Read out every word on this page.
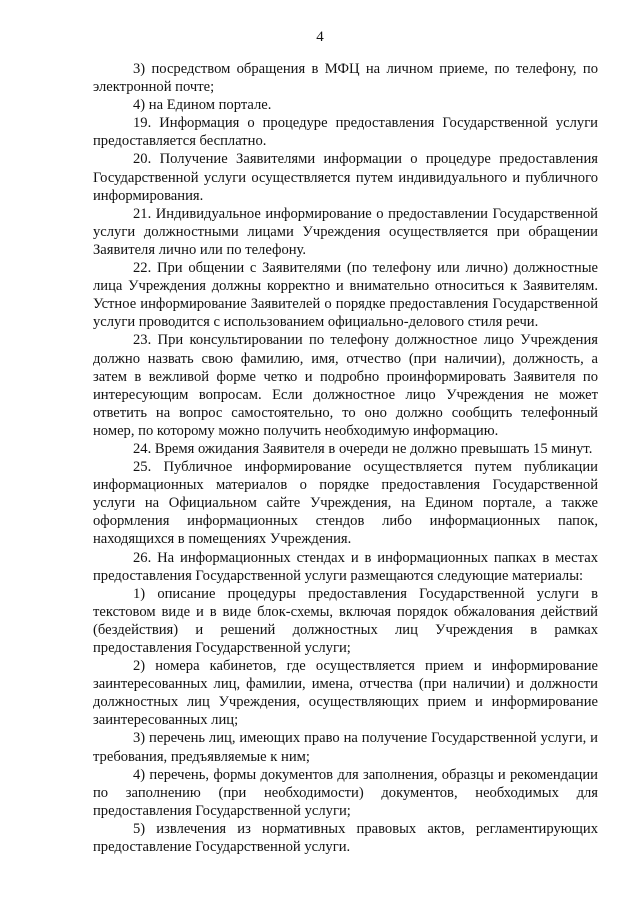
4

3) посредством обращения в МФЦ на личном приеме, по телефону, по электронной почте;

4) на Едином портале.

19. Информация о процедуре предоставления Государственной услуги предоставляется бесплатно.

20. Получение Заявителями информации о процедуре предоставления Государственной услуги осуществляется путем индивидуального и публичного информирования.

21. Индивидуальное информирование о предоставлении Государственной услуги должностными лицами Учреждения осуществляется при обращении Заявителя лично или по телефону.

22. При общении с Заявителями (по телефону или лично) должностные лица Учреждения должны корректно и внимательно относиться к Заявителям. Устное информирование Заявителей о порядке предоставления Государственной услуги проводится с использованием официально-делового стиля речи.

23. При консультировании по телефону должностное лицо Учреждения должно назвать свою фамилию, имя, отчество (при наличии), должность, а затем в вежливой форме четко и подробно проинформировать Заявителя по интересующим вопросам. Если должностное лицо Учреждения не может ответить на вопрос самостоятельно, то оно должно сообщить телефонный номер, по которому можно получить необходимую информацию.

24. Время ожидания Заявителя в очереди не должно превышать 15 минут.

25. Публичное информирование осуществляется путем публикации информационных материалов о порядке предоставления Государственной услуги на Официальном сайте Учреждения, на Едином портале, а также оформления информационных стендов либо информационных папок, находящихся в помещениях Учреждения.

26. На информационных стендах и в информационных папках в местах предоставления Государственной услуги размещаются следующие материалы:

1) описание процедуры предоставления Государственной услуги в текстовом виде и в виде блок-схемы, включая порядок обжалования действий (бездействия) и решений должностных лиц Учреждения в рамках предоставления Государственной услуги;

2) номера кабинетов, где осуществляется прием и информирование заинтересованных лиц, фамилии, имена, отчества (при наличии) и должности должностных лиц Учреждения, осуществляющих прием и информирование заинтересованных лиц;

3) перечень лиц, имеющих право на получение Государственной услуги, и требования, предъявляемые к ним;

4) перечень, формы документов для заполнения, образцы и рекомендации по заполнению (при необходимости) документов, необходимых для предоставления Государственной услуги;

5) извлечения из нормативных правовых актов, регламентирующих предоставление Государственной услуги.
